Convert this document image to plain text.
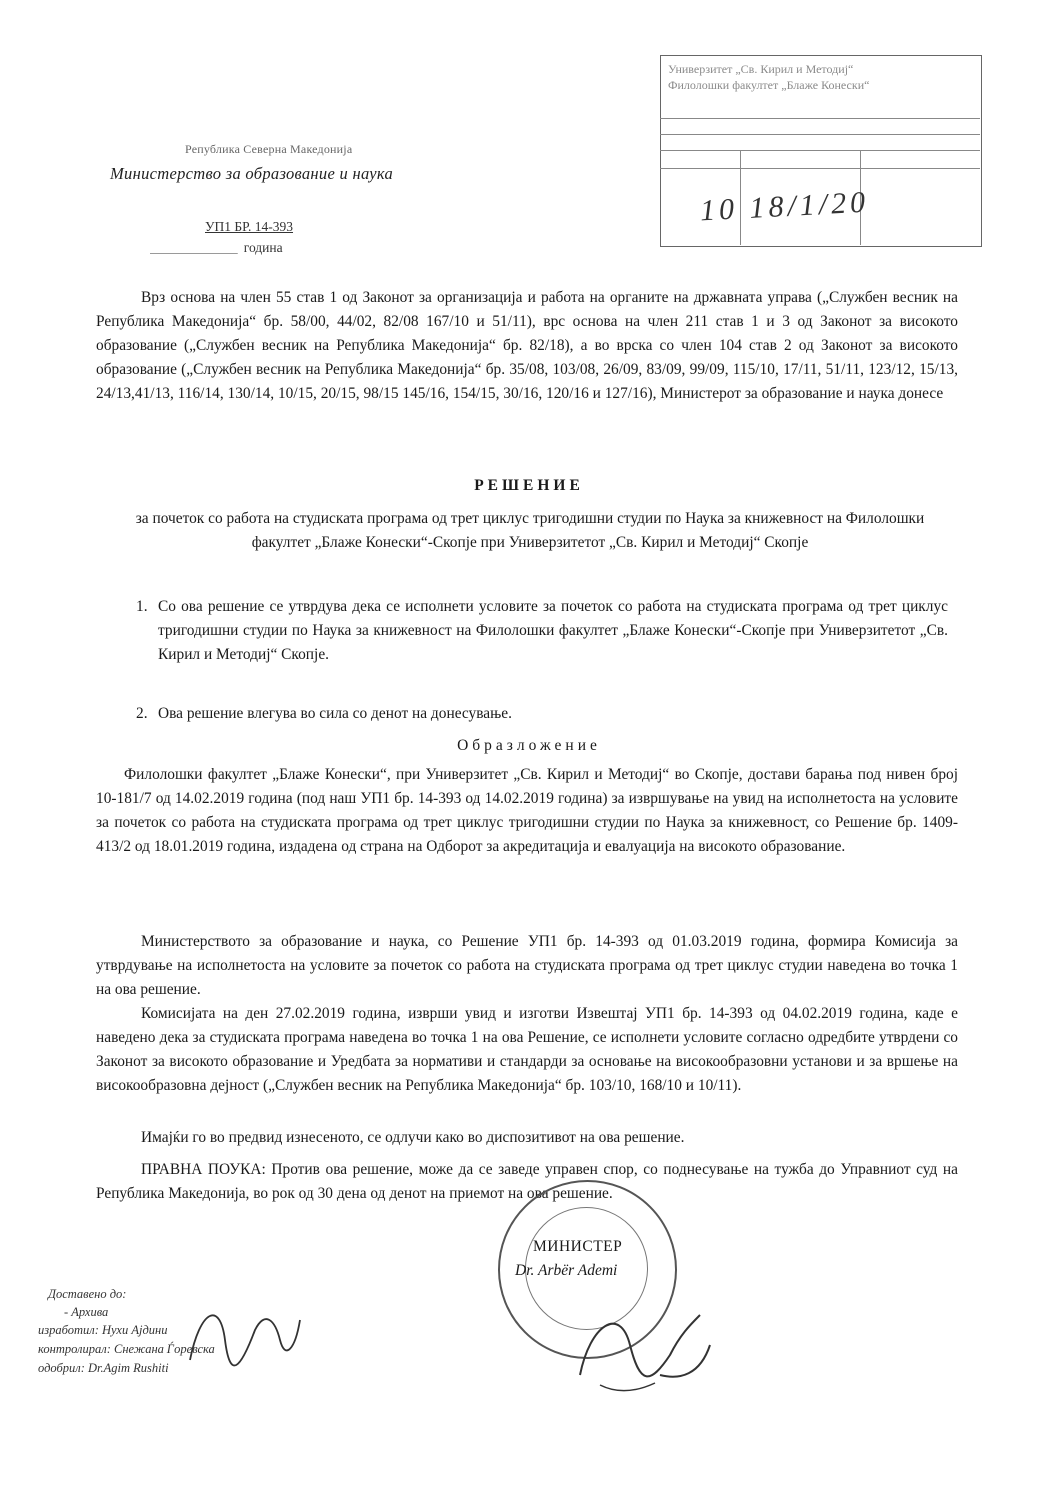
Универзитет „Св. Кирил и Методиј“
Филолошки факултет „Блаже Конески“
10 18/1/20
Република Северна Македонија
Министерство за образование и наука
УП1 БР. 14-393
година
Врз основа на член 55 став 1 од Законот за организација и работа на органите на државната управа („Службен весник на Република Македонија“ бр. 58/00, 44/02, 82/08 167/10 и 51/11), врс основа на член 211 став 1 и 3 од Законот за високото образование („Службен весник на Република Македонија“ бр. 82/18), а во врска со член 104 став 2 од Законот за високото образование („Службен весник на Република Македонија“ бр. 35/08, 103/08, 26/09, 83/09, 99/09, 115/10, 17/11, 51/11, 123/12, 15/13, 24/13,41/13, 116/14, 130/14, 10/15, 20/15, 98/15 145/16, 154/15, 30/16, 120/16 и 127/16), Министерот за образование и наука донесе
РЕШЕНИЕ
за почеток со работа на студиската програма од трет циклус тригодишни студии по Наука за книжевност на Филолошки факултет „Блаже Конески“-Скопје при Универзитетот „Св. Кирил и Методиј“ Скопје
1. Со ова решение се утврдува дека се исполнети условите за почеток со работа на студиската програма од трет циклус тригодишни студии по Наука за книжевност на Филолошки факултет „Блаже Конески“-Скопје при Универзитетот „Св. Кирил и Методиј“ Скопје.
2. Ова решение влегува во сила со денот на донесување.
Образложение
Филолошки факултет „Блаже Конески“, при Универзитет „Св. Кирил и Методиј“ во Скопје, достави барања под нивен број 10-181/7 од 14.02.2019 година (под наш УП1 бр. 14-393 од 14.02.2019 година) за извршување на увид на исполнетоста на условите за почеток со работа на студиската програма од трет циклус тригодишни студии по Наука за книжевност, со Решение бр. 1409-413/2 од 18.01.2019 година, издадена од страна на Одборот за акредитација и евалуација на високото образование.
Министерството за образование и наука, со Решение УП1 бр. 14-393 од 01.03.2019 година, формира Комисија за утврдување на исполнетоста на условите за почеток со работа на студиската програма од трет циклус студии наведена во точка 1 на ова решение.
Комисијата на ден 27.02.2019 година, изврши увид и изготви Извештај УП1 бр. 14-393 од 04.02.2019 година, каде е наведено дека за студиската програма наведена во точка 1 на ова Решение, се исполнети условите согласно одредбите утврдени со Законот за високото образование и Уредбата за нормативи и стандарди за основање на високообразовни установи и за вршење на високообразовна дејност („Службен весник на Република Македонија“ бр. 103/10, 168/10 и 10/11).
Имајќи го во предвид изнесеното, се одлучи како во диспозитивот на ова решение.
ПРАВНА ПОУКА: Против ова решение, може да се заведе управен спор, со поднесување на тужба до Управниот суд на Република Македонија, во рок од 30 дена од денот на приемот на ова решение.
МИНИСТЕР
Dr. Arbër Ademi
Доставено до:
- Архива
изработил: Нухи Ајдини
контролирал: Снежана Ѓоревска
одобрил: Dr.Agim Rushiti
